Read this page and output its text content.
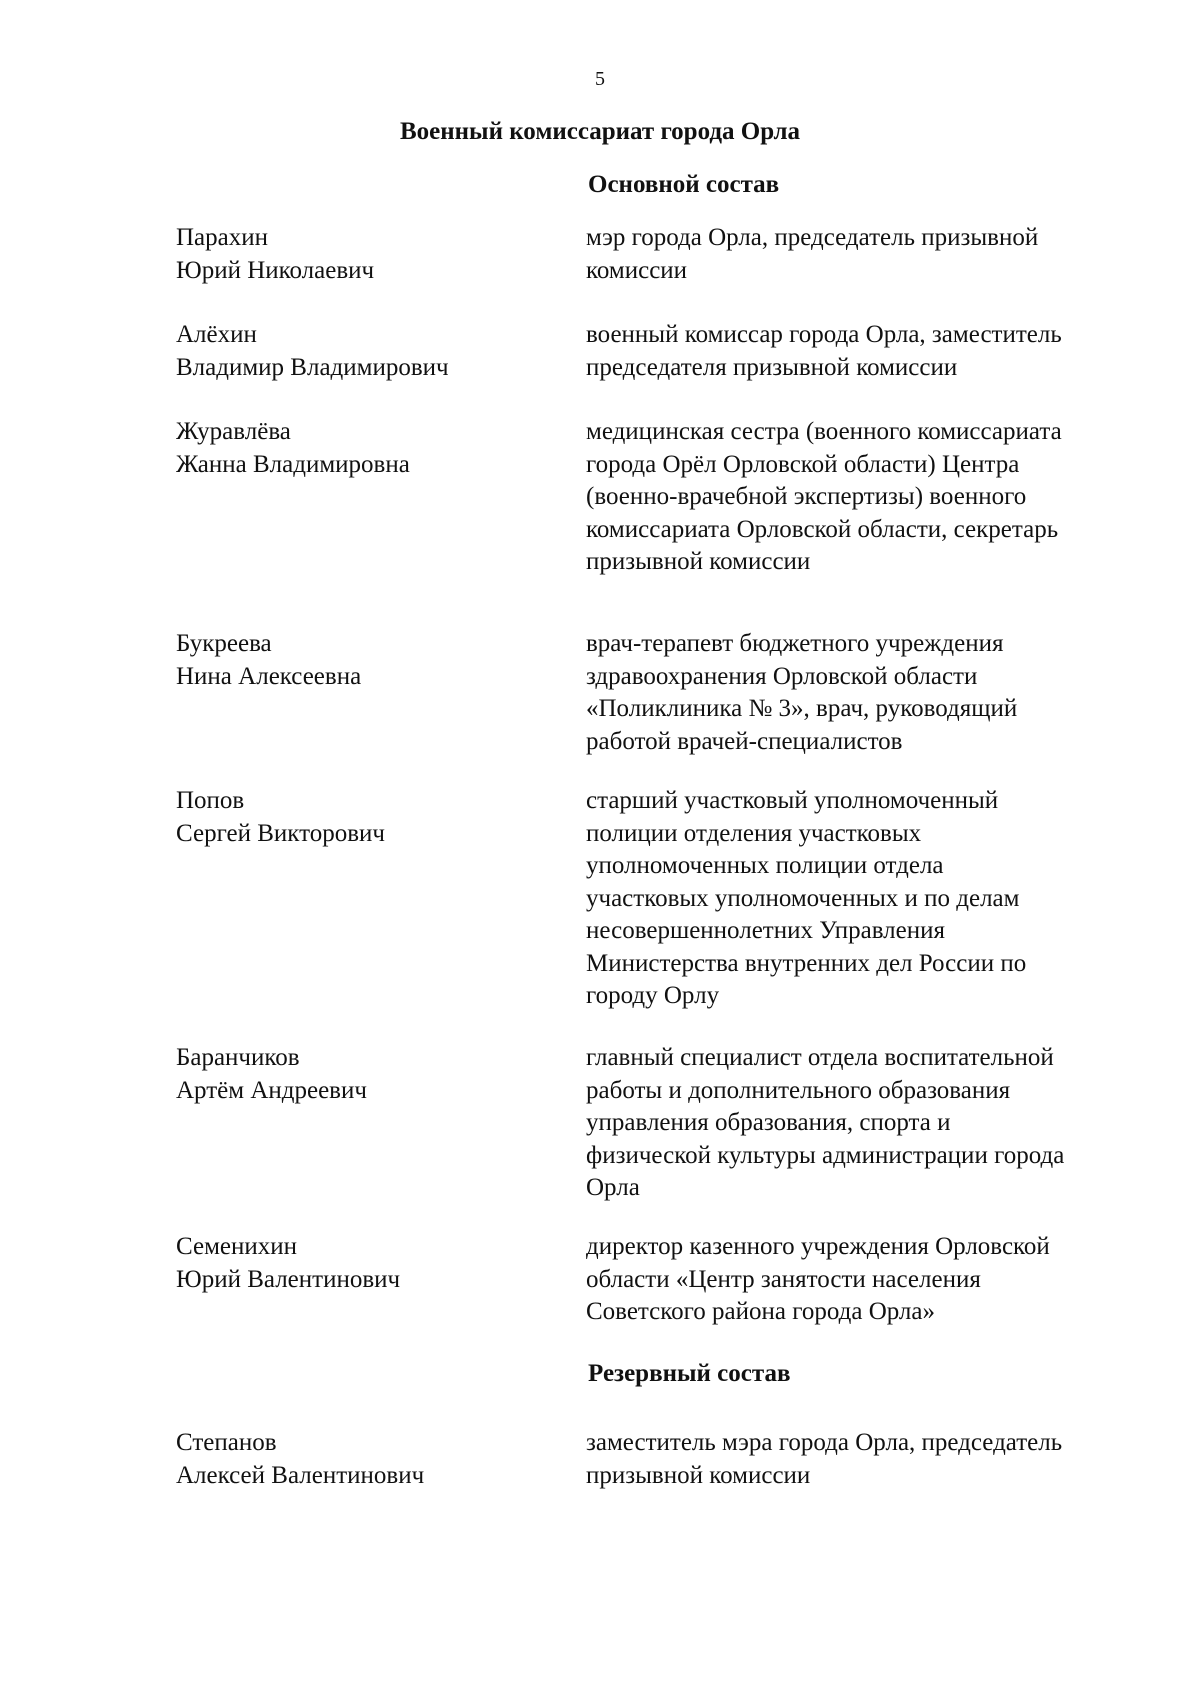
5
Военный комиссариат города Орла
Основной состав
Парахин
Юрий Николаевич
мэр города Орла, председатель призывной
комиссии
Алёхин
Владимир Владимирович
военный комиссар города Орла, заместитель
председателя призывной комиссии
Журавлёва
Жанна Владимировна
медицинская сестра (военного комиссариата
города Орёл Орловской области) Центра
(военно-врачебной экспертизы) военного
комиссариата Орловской области, секретарь
призывной комиссии
Букреева
Нина Алексеевна
врач-терапевт бюджетного учреждения
здравоохранения Орловской области
«Поликлиника № 3», врач, руководящий
работой врачей-специалистов
Попов
Сергей Викторович
старший участковый уполномоченный
полиции отделения участковых
уполномоченных полиции отдела
участковых уполномоченных и по делам
несовершеннолетних Управления
Министерства внутренних дел России по
городу Орлу
Баранчиков
Артём Андреевич
главный специалист отдела воспитательной
работы и дополнительного образования
управления образования, спорта и
физической культуры администрации города
Орла
Семенихин
Юрий Валентинович
директор казенного учреждения Орловской
области «Центр занятости населения
Советского района города Орла»
Резервный состав
Степанов
Алексей Валентинович
заместитель мэра города Орла, председатель
призывной комиссии
